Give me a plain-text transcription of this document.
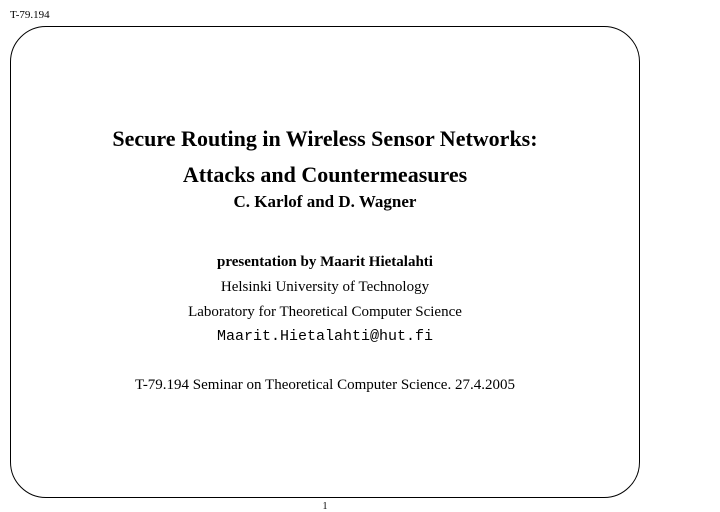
T-79.194
Secure Routing in Wireless Sensor Networks:
Attacks and Countermeasures
C. Karlof and D. Wagner
presentation by Maarit Hietalahti
Helsinki University of Technology
Laboratory for Theoretical Computer Science
Maarit.Hietalahti@hut.fi
T-79.194 Seminar on Theoretical Computer Science. 27.4.2005
1
